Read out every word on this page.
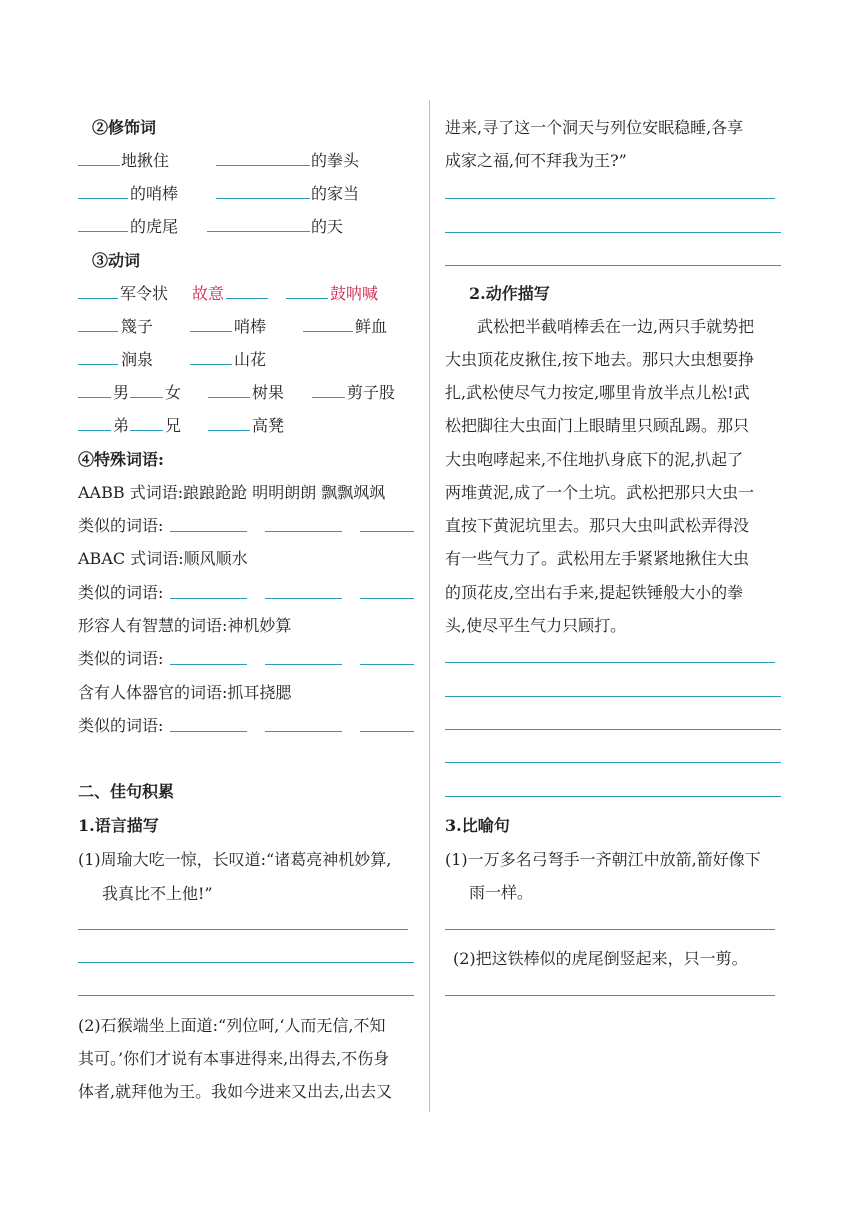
②修饰词
地揪住	的拳头
的哨棒	的家当
的虎尾	的天
③动词
军令状 故意	鼓呐喊
篾子	哨棒	鲜血
涧泉	山花
男 女	树果	剪子股
弟 兄	高凳
④特殊词语:
AABB 式词语:踉踉跄跄 明明朗朗 飘飘飒飒
类似的词语:
ABAC 式词语:顺风顺水
类似的词语:
形容人有智慧的词语:神机妙算
类似的词语:
含有人体器官的词语:抓耳挠腮
类似的词语:
二、佳句积累
1.语言描写
(1)周瑜大吃一惊，长叹道:“诸葛亮神机妙算,
我真比不上他!”
(2)石猴端坐上面道:“列位呵,‘人而无信,不知
其可。’你们才说有本事进得来,出得去,不伤身
体者,就拜他为王。我如今进来又出去,出去又
进来,寻了这一个洞天与列位安眠稳睡,各享
成家之福,何不拜我为王?”
2.动作描写
武松把半截哨棒丢在一边,两只手就势把
大虫顶花皮揪住,按下地去。那只大虫想要挣
扎,武松使尽气力按定,哪里肯放半点儿松!武
松把脚往大虫面门上眼睛里只顾乱踢。那只
大虫咆哮起来,不住地扒身底下的泥,扒起了
两堆黄泥,成了一个土坑。武松把那只大虫一
直按下黄泥坑里去。那只大虫叫武松弄得没
有一些气力了。武松用左手紧紧地揪住大虫
的顶花皮,空出右手来,提起铁锤般大小的拳
头,使尽平生气力只顾打。
3.比喻句
(1)一万多名弓弩手一齐朝江中放箭,箭好像下
雨一样。
(2)把这铁棒似的虎尾倒竖起来，只一剪。
